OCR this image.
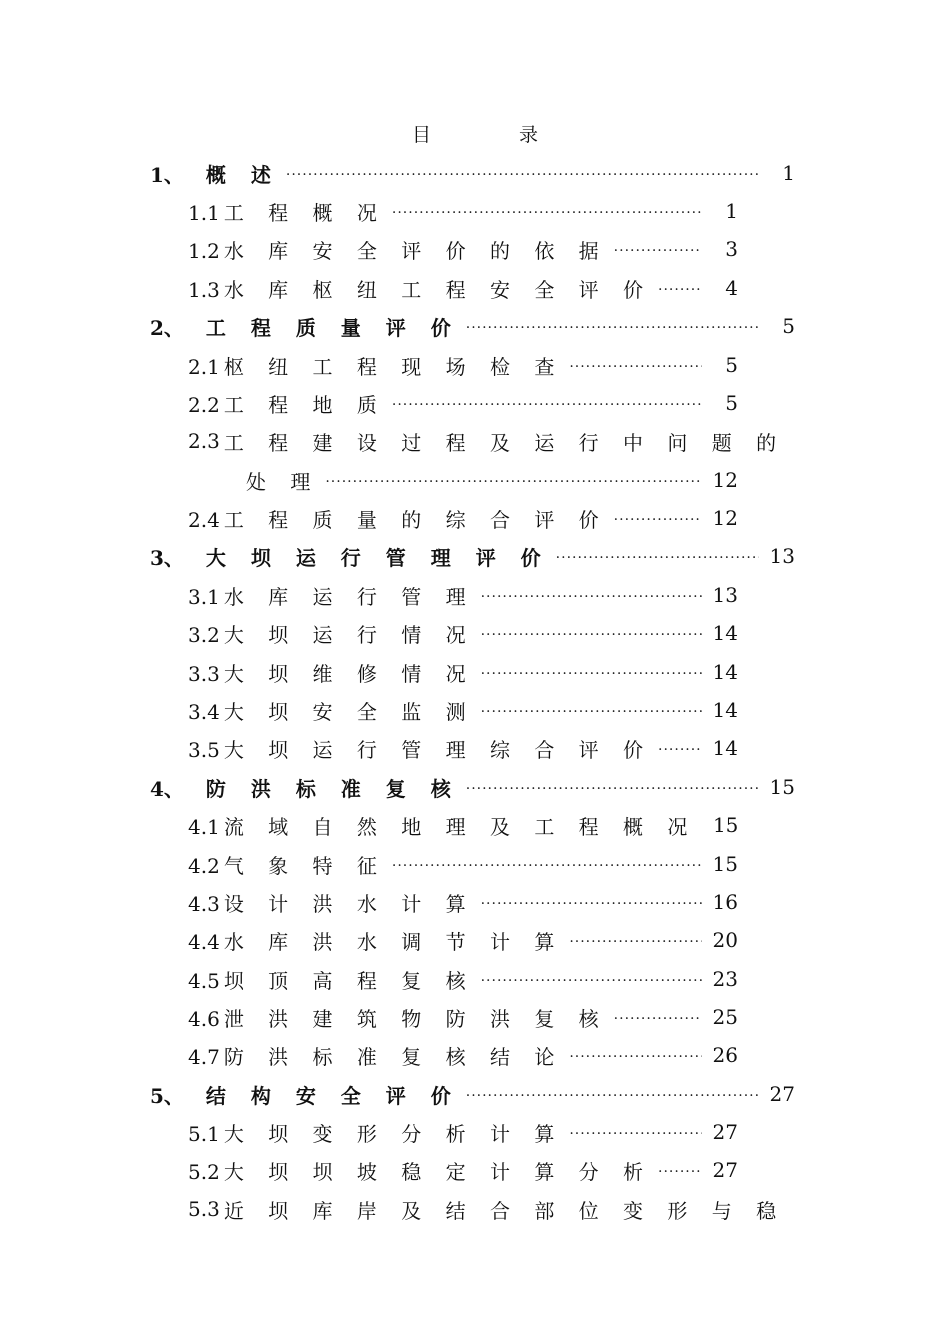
目	录
1、 概 述 .....	1
1.1 工 程 概 况 .....	1
1.2 水 库 安 全 评 价 的 依 据 .....	3
1.3 水 库 枢 纽 工 程 安 全 评 价 .....	4
2、 工 程 质 量 评 价 .....	5
2.1 枢 纽 工 程 现 场 检 查 .....	5
2.2 工 程 地 质 .....	5
2.3 工 程 建 设 过 程 及 运 行 中 问 题 的
处 理 .....	12
2.4 工 程 质 量 的 综 合 评 价 .....	12
3、 大 坝 运 行 管 理 评 价 .....	13
3.1 水 库 运 行 管 理 .....	13
3.2 大 坝 运 行 情 况 .....	14
3.3 大 坝 维 修 情 况 .....	14
3.4 大 坝 安 全 监 测 .....	14
3.5 大 坝 运 行 管 理 综 合 评 价 .....	14
4、 防 洪 标 准 复 核 .....	15
4.1 流 域 自 然 地 理 及 工 程 概 况 15
4.2 气 象 特 征 .....	15
4.3 设 计 洪 水 计 算 .....	16
4.4 水 库 洪 水 调 节 计 算 .....	20
4.5 坝 顶 高 程 复 核 .....	23
4.6 泄 洪 建 筑 物 防 洪 复 核 .....	25
4.7 防 洪 标 准 复 核 结 论 .....	26
5、 结 构 安 全 评 价 .....	27
5.1 大 坝 变 形 分 析 计 算 .....	27
5.2 大 坝 坝 坡 稳 定 计 算 分 析 .....	27
5.3 近 坝 库 岸 及 结 合 部 位 变 形 与 稳
